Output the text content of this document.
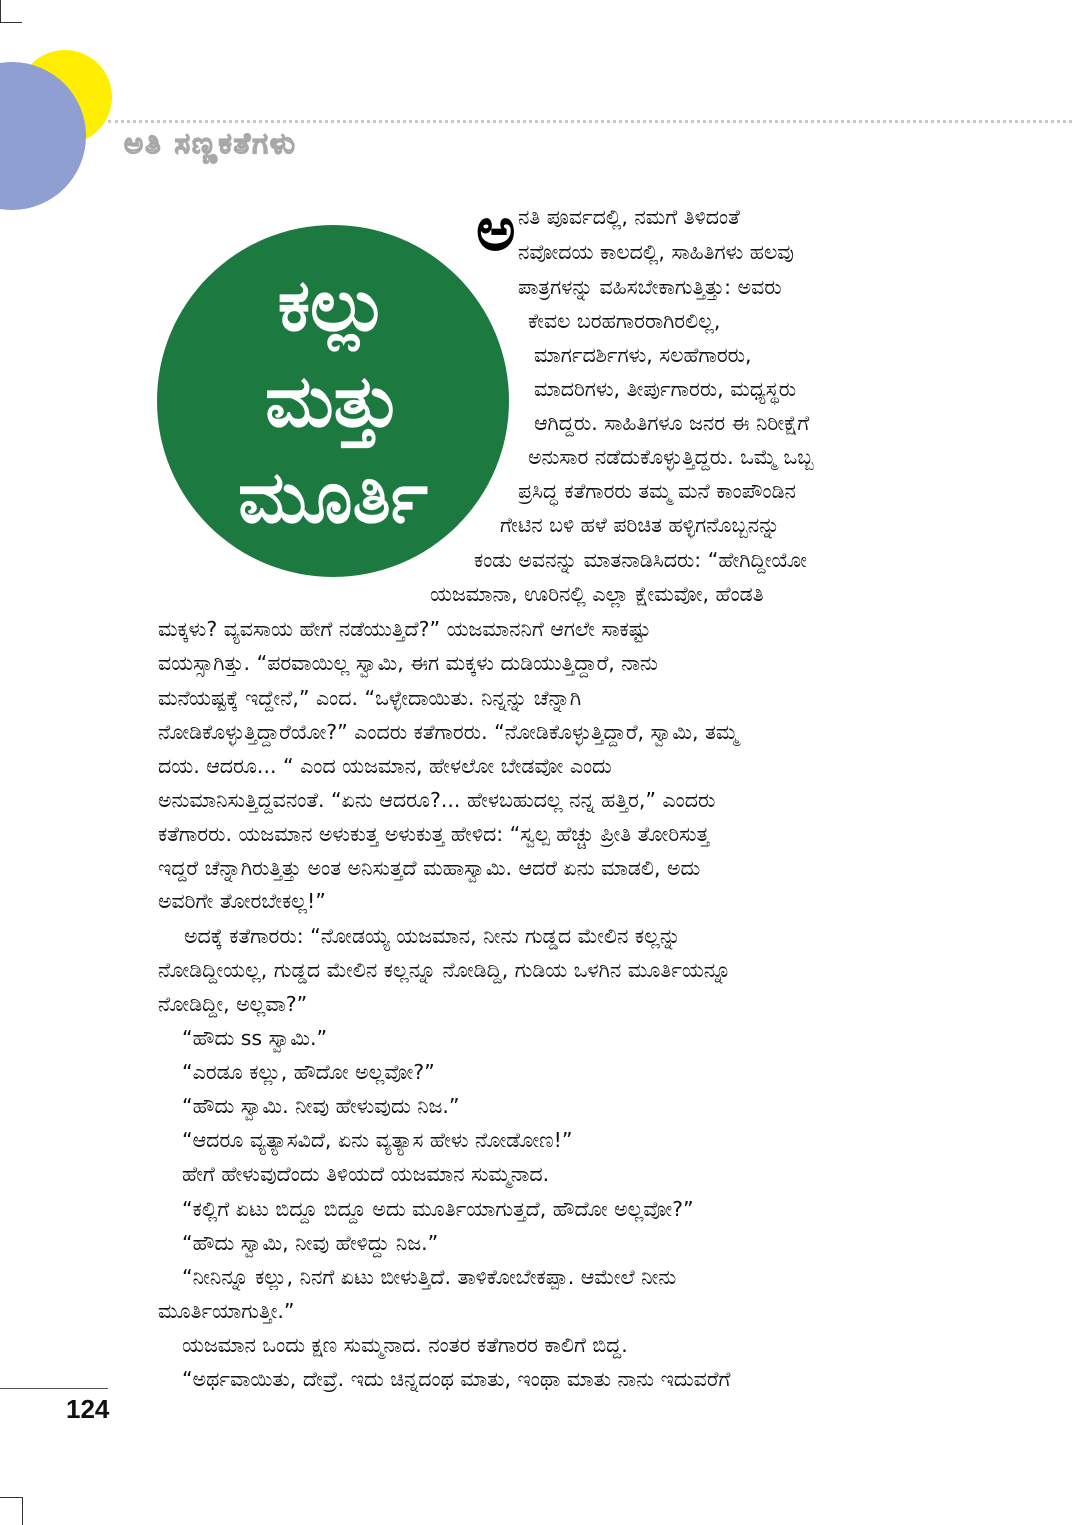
ಅತಿ ಸಣ್ಣಕತೆಗಳು
ಕಲ್ಲು
ಮತ್ತು
ಮೂರ್ತಿ
ಅ ನತಿ ಪೂರ್ವದಲ್ಲಿ, ನಮಗೆ ತಿಳಿದಂತೆ
ನವೋದಯ ಕಾಲದಲ್ಲಿ, ಸಾಹಿತಿಗಳು ಹಲವು
ಪಾತ್ರಗಳನ್ನು ವಹಿಸಬೇಕಾಗುತ್ತಿತ್ತು: ಅವರು
ಕೇವಲ ಬರಹಗಾರರಾಗಿರಲಿಲ್ಲ,
ಮಾರ್ಗದರ್ಶಿಗಳು, ಸಲಹೆಗಾರರು,
ಮಾದರಿಗಳು, ತೀರ್ಪುಗಾರರು, ಮಧ್ಯಸ್ಥರು
ಆಗಿದ್ದರು. ಸಾಹಿತಿಗಳೂ ಜನರ ಈ ನಿರೀಕ್ಷೆಗೆ
ಅನುಸಾರ ನಡೆದುಕೊಳ್ಳುತ್ತಿದ್ದರು. ಒಮ್ಮೆ ಒಬ್ಬ
ಪ್ರಸಿದ್ಧ ಕತೆಗಾರರು ತಮ್ಮ ಮನೆ ಕಾಂಪೌಂಡಿನ
ಗೇಟಿನ ಬಳಿ ಹಳೆ ಪರಿಚಿತ ಹಳ್ಳಿಗನೊಬ್ಬನನ್ನು
ಕಂಡು ಅವನನ್ನು ಮಾತನಾಡಿಸಿದರು: “ಹೇಗಿದ್ದೀಯೋ
ಯಜಮಾನಾ, ಊರಿನಲ್ಲಿ ಎಲ್ಲಾ ಕ್ಷೇಮವೋ, ಹೆಂಡತಿ
ಮಕ್ಕಳು? ವ್ಯವಸಾಯ ಹೇಗೆ ನಡೆಯುತ್ತಿದೆ?” ಯಜಮಾನನಿಗೆ ಆಗಲೇ ಸಾಕಷ್ಟು
ವಯಸ್ಸಾಗಿತ್ತು. “ಪರವಾಯಿಲ್ಲ ಸ್ವಾಮಿ, ಈಗ ಮಕ್ಕಳು ದುಡಿಯುತ್ತಿದ್ದಾರೆ, ನಾನು
ಮನೆಯಷ್ಟಕ್ಕೆ ಇದ್ದೇನೆ,” ಎಂದ. “ಒಳ್ಳೇದಾಯಿತು. ನಿನ್ನನ್ನು ಚೆನ್ನಾಗಿ
ನೋಡಿಕೊಳ್ಳುತ್ತಿದ್ದಾರೆಯೋ?” ಎಂದರು ಕತೆಗಾರರು. “ನೋಡಿಕೊಳ್ಳುತ್ತಿದ್ದಾರೆ, ಸ್ವಾಮಿ, ತಮ್ಮ
ದಯ. ಆದರೂ... “ ಎಂದ ಯಜಮಾನ, ಹೇಳಲೋ ಬೇಡವೋ ಎಂದು
ಅನುಮಾನಿಸುತ್ತಿದ್ದವನಂತೆ. “ಏನು ಆದರೂ?... ಹೇಳಬಹುದಲ್ಲ ನನ್ನ ಹತ್ತಿರ,” ಎಂದರು
ಕತೆಗಾರರು. ಯಜಮಾನ ಅಳುಕುತ್ತ ಅಳುಕುತ್ತ ಹೇಳಿದ: “ಸ್ವಲ್ಪ ಹೆಚ್ಚು ಪ್ರೀತಿ ತೋರಿಸುತ್ತ
ಇದ್ದರೆ ಚೆನ್ನಾಗಿರುತ್ತಿತ್ತು ಅಂತ ಅನಿಸುತ್ತದೆ ಮಹಾಸ್ವಾಮಿ. ಆದರೆ ಏನು ಮಾಡಲಿ, ಅದು
ಅವರಿಗೇ ತೋರಬೇಕಲ್ಲ!”
ಅದಕ್ಕೆ ಕತೆಗಾರರು: “ನೋಡಯ್ಯ ಯಜಮಾನ, ನೀನು ಗುಡ್ಡದ ಮೇಲಿನ ಕಲ್ಲನ್ನು
ನೋಡಿದ್ದೀಯಲ್ಲ, ಗುಡ್ಡದ ಮೇಲಿನ ಕಲ್ಲನ್ನೂ ನೋಡಿದ್ದಿ, ಗುಡಿಯ ಒಳಗಿನ ಮೂರ್ತಿಯನ್ನೂ
ನೋಡಿದ್ದೀ, ಅಲ್ಲವಾ?”
“ಹೌದು ss ಸ್ವಾಮಿ.”
“ಎರಡೂ ಕಲ್ಲು, ಹೌದೋ ಅಲ್ಲವೋ?”
“ಹೌದು ಸ್ವಾಮಿ. ನೀವು ಹೇಳುವುದು ನಿಜ.”
“ಆದರೂ ವ್ಯತ್ಯಾಸವಿದೆ, ಏನು ವ್ಯತ್ಯಾಸ ಹೇಳು ನೋಡೋಣ!”
ಹೇಗೆ ಹೇಳುವುದೆಂದು ತಿಳಿಯದೆ ಯಜಮಾನ ಸುಮ್ಮನಾದ.
“ಕಲ್ಲಿಗೆ ಏಟು ಬಿದ್ದೂ ಬಿದ್ದೂ ಅದು ಮೂರ್ತಿಯಾಗುತ್ತದೆ, ಹೌದೋ ಅಲ್ಲವೋ?”
“ಹೌದು ಸ್ವಾಮಿ, ನೀವು ಹೇಳಿದ್ದು ನಿಜ.”
“ನೀನಿನ್ನೂ ಕಲ್ಲು, ನಿನಗೆ ಏಟು ಬೀಳುತ್ತಿದೆ. ತಾಳಿಕೋಬೇಕಪ್ಪಾ. ಆಮೇಲೆ ನೀನು
ಮೂರ್ತಿಯಾಗುತ್ತೀ.”
ಯಜಮಾನ ಒಂದು ಕ್ಷಣ ಸುಮ್ಮನಾದ. ನಂತರ ಕತೆಗಾರರ ಕಾಲಿಗೆ ಬಿದ್ದ.
“ಅರ್ಥವಾಯಿತು, ದೇವ್ರೆ. ಇದು ಚಿನ್ನದಂಥ ಮಾತು, ಇಂಥಾ ಮಾತು ನಾನು ಇದುವರೆಗೆ
124
